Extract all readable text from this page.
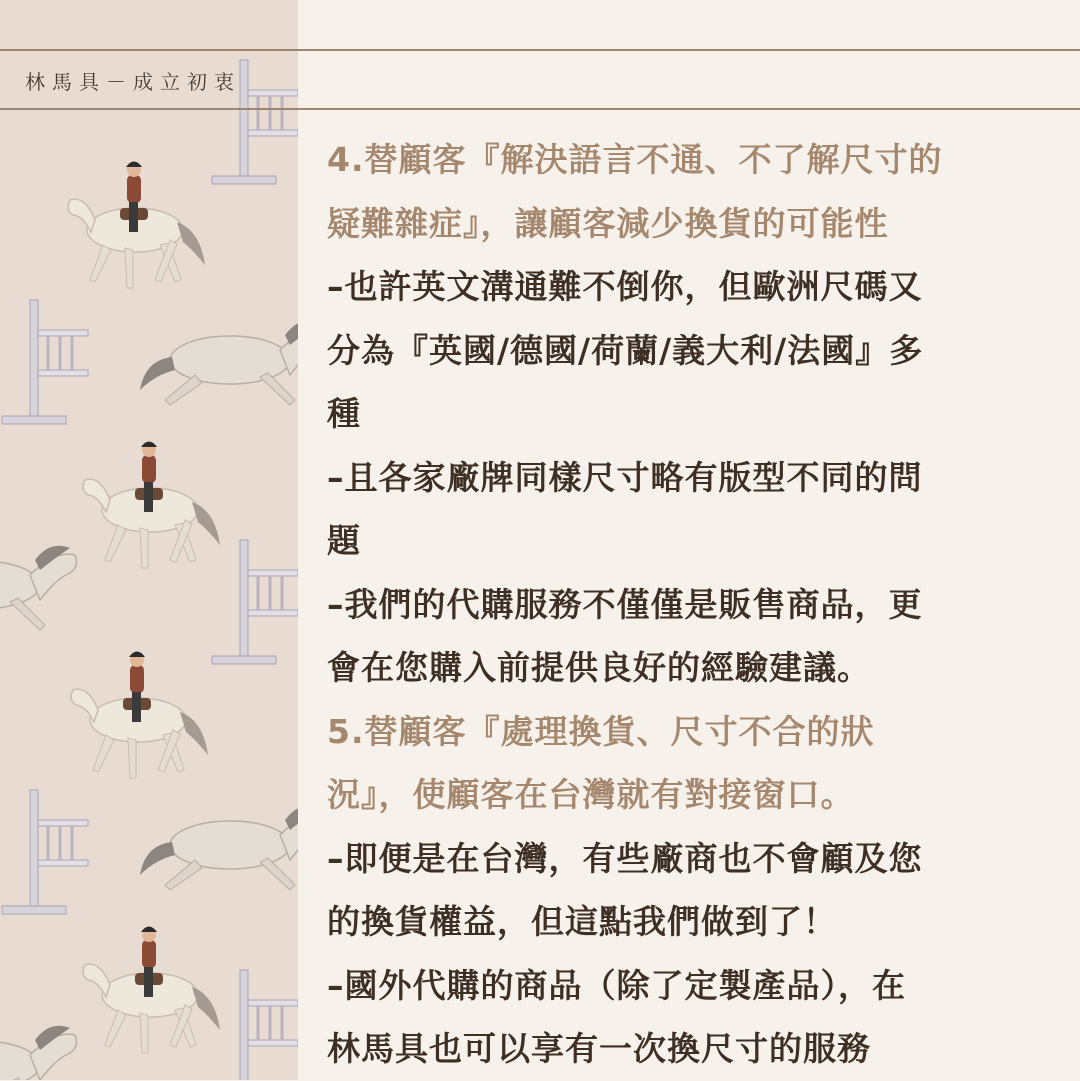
林馬具－成立初衷
4.替顧客『解決語言不通、不了解尺寸的
疑難雜症』，讓顧客減少換貨的可能性
–也許英文溝通難不倒你，但歐洲尺碼又
分為『英國/德國/荷蘭/義大利/法國』多
種
–且各家廠牌同樣尺寸略有版型不同的問
題
–我們的代購服務不僅僅是販售商品，更
會在您購入前提供良好的經驗建議。
5.替顧客『處理換貨、尺寸不合的狀
況』，使顧客在台灣就有對接窗口。
–即便是在台灣，有些廠商也不會顧及您
的換貨權益，但這點我們做到了！
–國外代購的商品（除了定製產品），在
林馬具也可以享有一次換尺寸的服務
